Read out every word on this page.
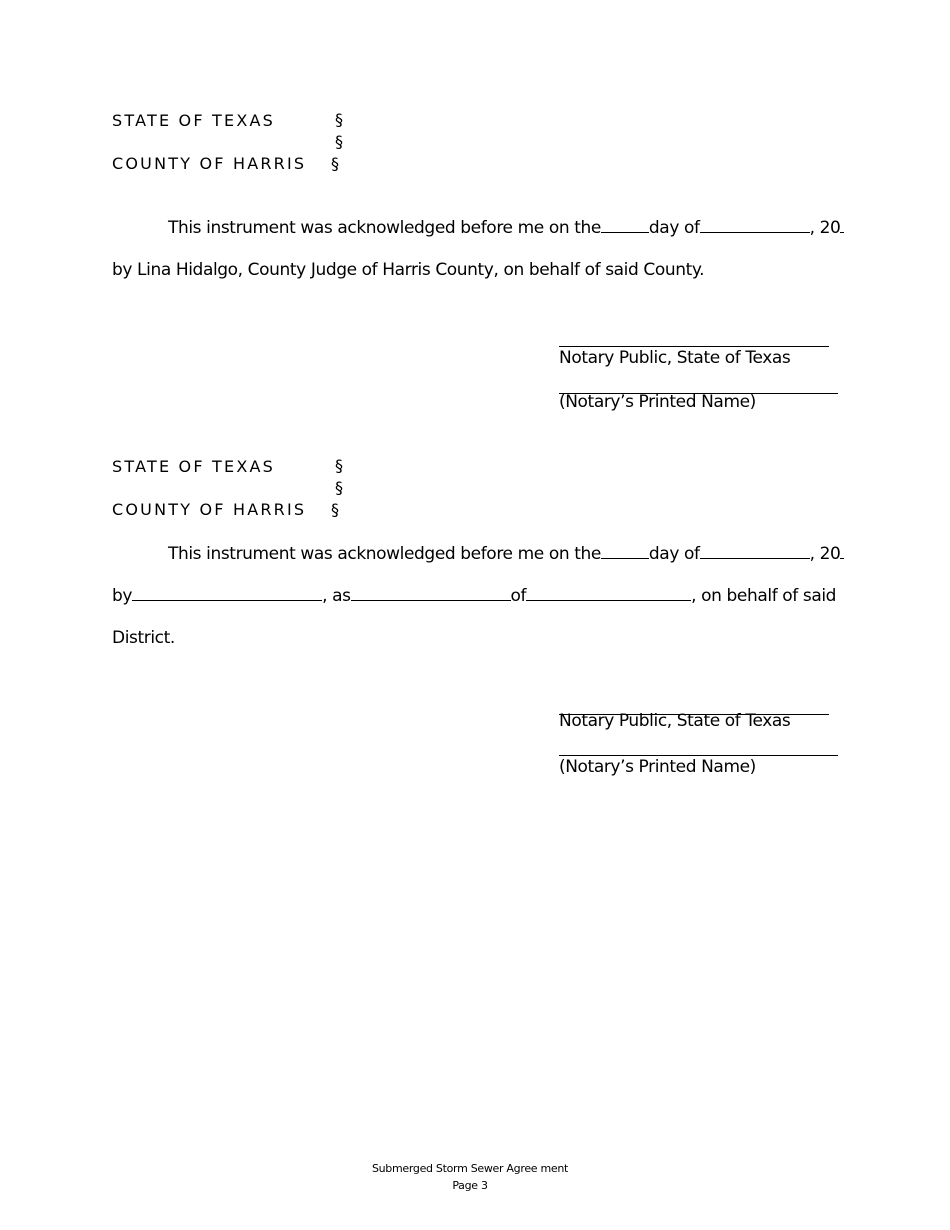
STATE OF TEXAS	§
§
COUNTY OF HARRIS §
This instrument was acknowledged before me on the	day of	, 20
by Lina Hidalgo, County Judge of Harris County, on behalf of said County.
Notary Public, State of Texas
(Notary’s Printed Name)
STATE OF TEXAS	§
§
COUNTY OF HARRIS §
This instrument was acknowledged before me on the	day of	, 20
by	, as	of	, on behalf of said
District.
Notary Public, State of Texas
(Notary’s Printed Name)
Submerged Storm Sewer Agree ment
Page 3
